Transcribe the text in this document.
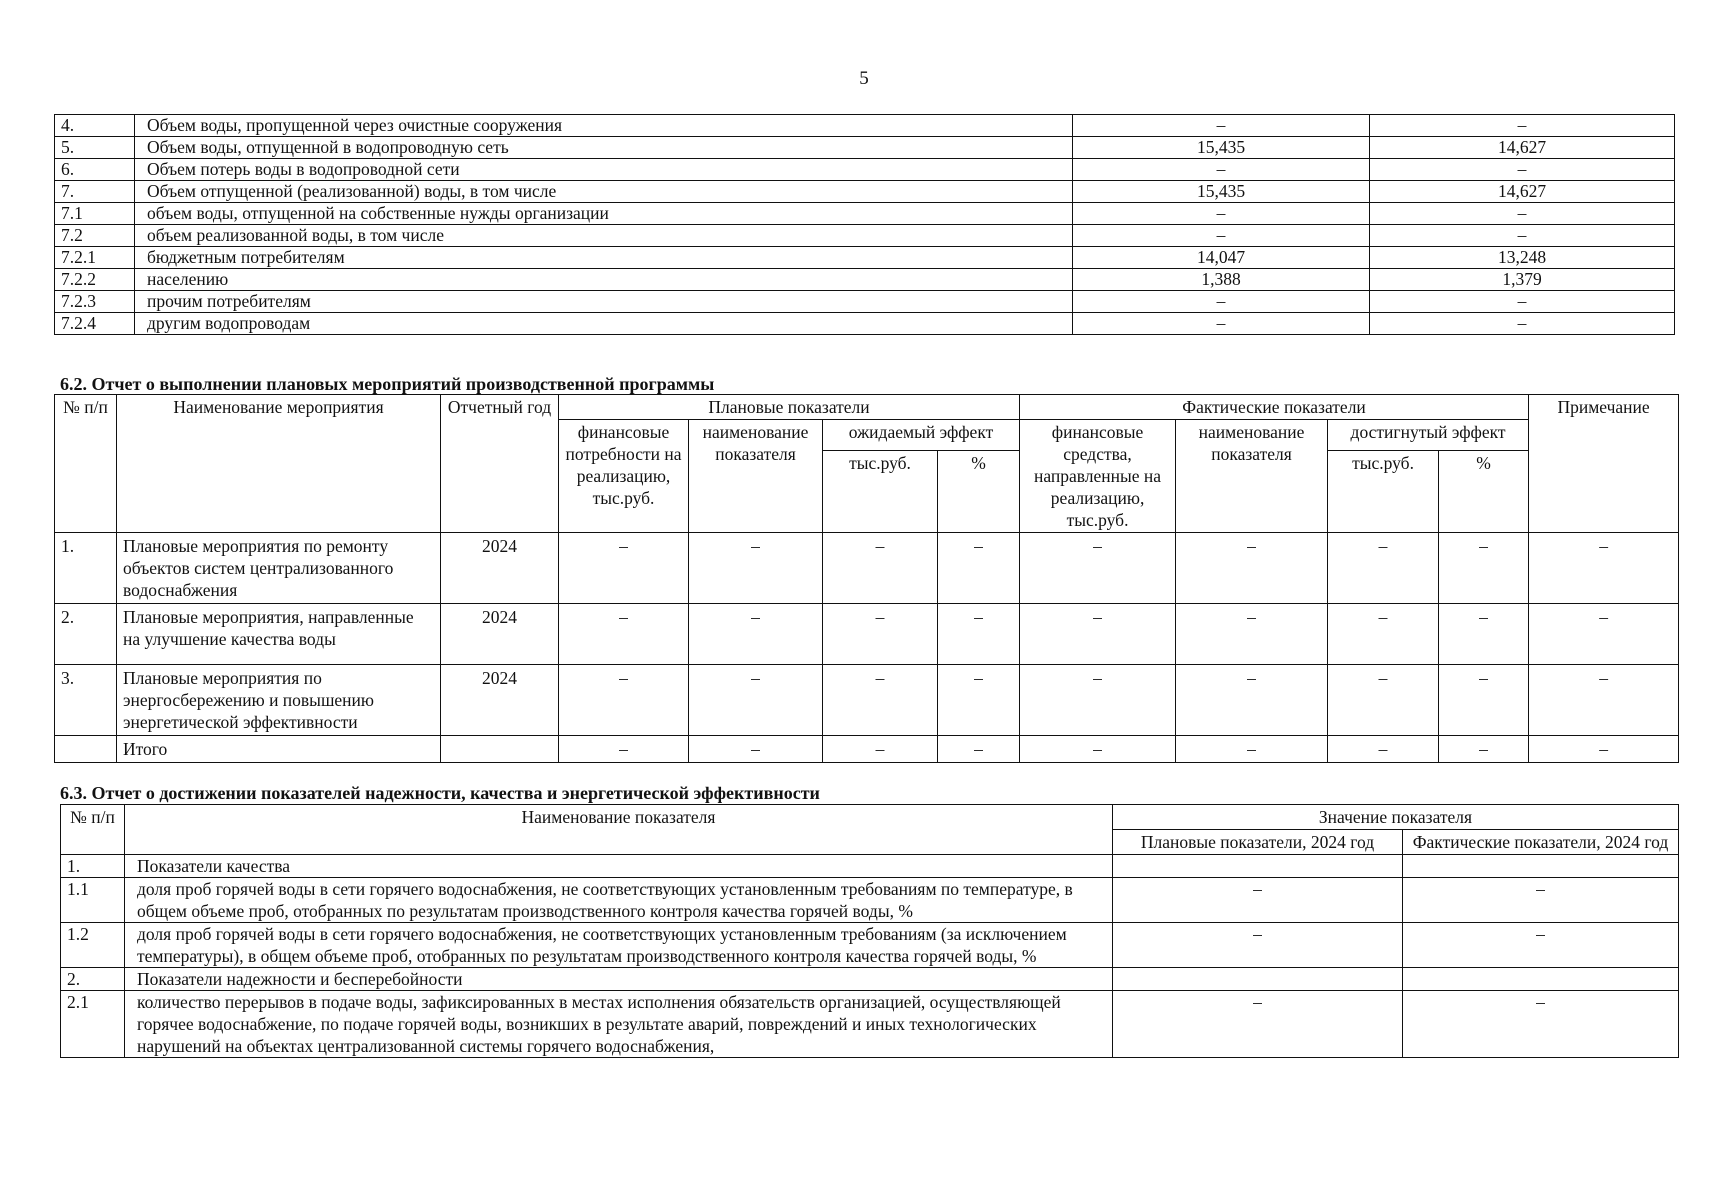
5
4.	Объем воды, пропущенной через очистные сооружения	–	–
5.	Объем воды, отпущенной в водопроводную сеть	15,435	14,627
6.	Объем потерь воды в водопроводной сети	–	–
7.	Объем отпущенной (реализованной) воды, в том числе	15,435	14,627
7.1	объем воды, отпущенной на собственные нужды организации	–	–
7.2	объем реализованной воды, в том числе	–	–
7.2.1	бюджетным потребителям	14,047	13,248
7.2.2	населению	1,388	1,379
7.2.3	прочим потребителям	–	–
7.2.4	другим водопроводам	–	–
6.2. Отчет о выполнении плановых мероприятий производственной программы
№ п/п	Наименование мероприятия	Отчетный год	Плановые показатели				Фактические показатели				Примечание
			финансовые потребности на реализацию, тыс.руб.	наименование показателя	ожидаемый эффект		финансовые средства, направленные на реализацию, тыс.руб.	наименование показателя	достигнутый эффект		
					тыс.руб.	%			тыс.руб.	%	
1.	Плановые мероприятия по ремонту объектов систем централизованного водоснабжения	2024	–	–	–	–	–	–	–	–	–
2.	Плановые мероприятия, направленные на улучшение качества воды	2024	–	–	–	–	–	–	–	–	–
3.	Плановые мероприятия по энергосбережению и повышению энергетической эффективности	2024	–	–	–	–	–	–	–	–	–
	Итого		–	–	–	–	–	–	–	–	–
6.3. Отчет о достижении показателей надежности, качества и энергетической эффективности
№ п/п	Наименование показателя	Значение показателя	
		Плановые показатели, 2024 год	Фактические показатели, 2024 год
1.	Показатели качества		
1.1	доля проб горячей воды в сети горячего водоснабжения, не соответствующих установленным требованиям по температуре, в общем объеме проб, отобранных по результатам производственного контроля качества горячей воды, %	–	–
1.2	доля проб горячей воды в сети горячего водоснабжения, не соответствующих установленным требованиям (за исключением температуры), в общем объеме проб, отобранных по результатам производственного контроля качества горячей воды, %	–	–
2.	Показатели надежности и бесперебойности		
2.1	количество перерывов в подаче воды, зафиксированных в местах исполнения обязательств организацией, осуществляющей горячее водоснабжение, по подаче горячей воды, возникших в результате аварий, повреждений и иных технологических нарушений на объектах централизованной системы горячего водоснабжения,	–	–
